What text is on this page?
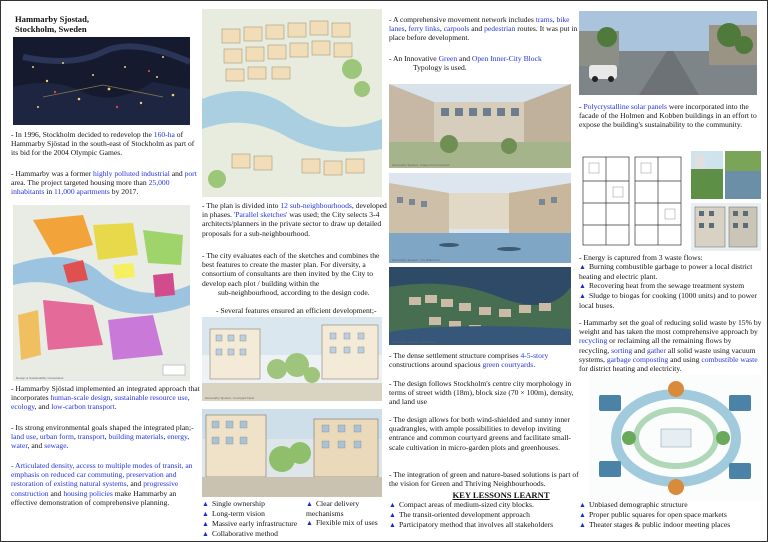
Hammarby Sjostad,
Stockholm, Sweden

- In 1996, Stockholm decided to redevelop the 160-ha of Hammarby Sjöstad in the south-east of Stockholm as part of its bid for the 2004 Olympic Games.

- Hammarby was a former highly polluted industrial and port area. The project targeted housing more than 25,000 inhabitants in 11,000 apartments by 2017.

Design & Sustainability Consultants

- Hammarby Sjöstad implemented an integrated approach that incorporates human-scale design, sustainable resource use, ecology, and low-carbon transport.

- Its strong environmental goals shaped the integrated plan;- land use, urban form, transport, building materials, energy, water, and sewage.

- Articulated density, access to multiple modes of transit, an emphasis on reduced car commuting, preservation and restoration of existing natural systems, and progressive construction and housing policies make Hammarby an effective demonstration of comprehensive planning.

- The plan is divided into 12 sub-neighbourhoods, developed in phases. 'Parallel sketches' was used; the City selects 3-4 architects/planners in the private sector to draw up detailed proposals for a sub-neighbourhood.

- The city evaluates each of the sketches and combines the best features to create the master plan. For diversity, a consortium of consultants are then invited by the City to develop each plot / building within the
sub-neighbourhood, according to the design code.

- Several features ensured an efficient development;-

Hammarby Sjostad - Courtyard block
▲ Single ownership
▲ Long-term vision
▲ Massive early infrastructure
▲ Collaborative method
▲ Clear delivery mechanisms
▲ Flexible mix of uses

- A comprehensive movement network includes trams, bike lanes, ferry links, carpools and pedestrian routes. It was put in place before development.

- An Innovative Green and Open Inner-City Block
Typology is used.

Hammarby Sjostad - Image from Courtyard
Hammarby Sjostad - The Waterfront
Hammarby Sjostad - Aerial View

- The dense settlement structure comprises 4-5-story constructions around spacious green courtyards.

- The design follows Stockholm's centre city morphology in terms of street width (18m), block size (70 × 100m), density, and land use

- The design allows for both wind-shielded and sunny inner quadrangles, with ample possibilities to develop inviting entrance and common courtyard greens and facilitate small-scale cultivation in micro-garden plots and greenhouses.

- The integration of green and nature-based solutions is part of the vision for Green and Thriving Neighbourhoods.

KEY LESSONS LEARNT
▲ Compact areas of medium-sized city blocks.
▲ The transit-oriented development approach
▲ Participatory method that involves all stakeholders

- Polycrystalline solar panels were incorporated into the facade of the Holmen and Kobben buildings in an effort to expose the building's sustainability to the community.

- Energy is captured from 3 waste flows:

▲ Burning combustible garbage to power a local district heating and electric plant.
▲ Recovering heat from the sewage treatment system
▲ Sludge to biogas for cooking (1000 units) and to power local buses.

- Hammarby set the goal of reducing solid waste by 15% by weight and has taken the most comprehensive approach by recycling or reclaiming all the remaining flows by recycling, sorting and gather all solid waste using vacuum systems, garbage composting and using combustible waste for district heating and electricity.

▲ Unbiased demographic structure
▲ Proper public squares for open space markets
▲ Theater stages & public indoor meeting places
